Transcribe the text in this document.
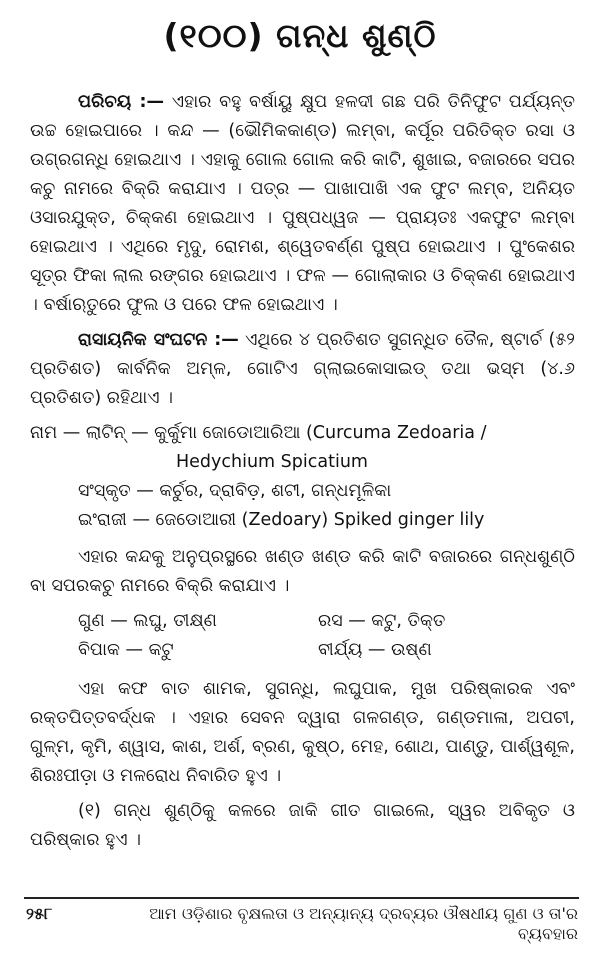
(୧୦୦) ଗନ୍ଧ ଶୁଣ୍ଠି

ପରିଚୟ :— ଏହାର ବହୁ ବର୍ଷାୟୁ କ୍ଷୁପ ହଳଦୀ ଗଛ ପରି ତିନିଫୁଟ ପର୍ଯ୍ୟନ୍ତ ଉଚ୍ଚ ହୋଇପାରେ । କନ୍ଦ — (ଭୌମିକକାଣ୍ଡ) ଲମ୍ବା, କର୍ପୂର ପରିତିକ୍ତ ରସା ଓ ଉଗ୍ରଗନ୍ଧି ହୋଇଥାଏ । ଏହାକୁ ଗୋଲ ଗୋଲ କରି କାଟି, ଶୁଖାଇ, ବଜାରରେ ସପର କଚୁ ନାମରେ ବିକ୍ରି କରାଯାଏ । ପତ୍ର — ପାଖାପାଖି ଏକ ଫୁଟ ଲମ୍ବ, ଅନିୟତ ଓସାରଯୁକ୍ତ, ଚିକ୍କଣ ହୋଇଥାଏ । ପୁଷ୍ପଧ୍ୱଜ — ପ୍ରାୟତଃ ଏକଫୁଟ ଲମ୍ବା ହୋଇଥାଏ । ଏଥିରେ ମୃଦୁ, ରୋମଶ, ଶ୍ୱେତବର୍ଣ୍ଣ ପୁଷ୍ପ ହୋଇଥାଏ । ପୁଂକେଶର ସୂତ୍ର ଫିକା ଲାଲ ରଙ୍ଗର ହୋଇଥାଏ । ଫଳ — ଗୋଲାକାର ଓ ଚିକ୍କଣ ହୋଇଥାଏ । ବର୍ଷାଋତୁରେ ଫୁଲ ଓ ପରେ ଫଳ ହୋଇଥାଏ ।

ରାସାୟନିକ ସଂଘଟନ :— ଏଥିରେ ୪ ପ୍ରତିଶତ ସୁଗନ୍ଧିତ ତୈଳ, ଷ୍ଟାର୍ଚ (୫୨ ପ୍ରତିଶତ) କାର୍ବନିକ ଅମ୍ଳ, ଗୋଟିଏ ଗ୍ଲାଇକୋସାଇଡ୍ ତଥା ଭସ୍ମ (୪.୬ ପ୍ରତିଶତ) ରହିଥାଏ ।

ନାମ —
ଲାଟିନ୍ — କୁର୍କୁମା ଜୋଡୋଆରିଆ (Curcuma Zedoaria /
Hedychium Spicatium
ସଂସ୍କୃତ — କର୍ଚୁର, ଦ୍ରାବିଡ଼, ଶଟୀ, ଗନ୍ଧମୂଳିକା
ଇଂରାଜୀ — ଜେଡୋଆରୀ (Zedoary) Spiked ginger lily

ଏହାର କନ୍ଦକୁ ଅନୁପ୍ରସ୍ଥରେ ଖଣ୍ଡ ଖଣ୍ଡ କରି କାଟି ବଜାରରେ ଗନ୍ଧଶୁଣ୍ଠି ବା ସପରକଚୁ ନାମରେ ବିକ୍ରି କରାଯାଏ ।

ଗୁଣ — ଲଘୁ, ତୀକ୍ଷ୍ଣ	ରସ — କଟୁ, ତିକ୍ତ
ବିପାକ — କଟୁ	ବୀର୍ଯ୍ୟ — ଉଷ୍ଣ

ଏହା କଫ ବାତ ଶାମକ, ସୁଗନ୍ଧି, ଲଘୁପାକ, ମୁଖ ପରିଷ୍କାରକ ଏବଂ ରକ୍ତପିତ୍ତବର୍ଦ୍ଧକ । ଏହାର ସେବନ ଦ୍ୱାରା ଗଳଗଣ୍ଡ, ଗଣ୍ଡମାଳା, ଅପଚୀ, ଗୁଳ୍ମ, କୃମି, ଶ୍ୱାସ, କାଶ, ଅର୍ଶ, ବ୍ରଣ, କୁଷ୍ଠ, ମେହ, ଶୋଥ, ପାଣ୍ଡୁ, ପାର୍ଶ୍ୱଶୂଳ, ଶିରଃପୀଡ଼ା ଓ ମଳରୋଧ ନିବାରିତ ହୁଏ ।

(୧) ଗନ୍ଧ ଶୁଣ୍ଠିକୁ କଳରେ ଜାକି ଗୀତ ଗାଇଲେ, ସ୍ୱର ଅବିକୃତ ଓ ପରିଷ୍କାର ହୁଏ ।

୨୫୮	ଆମ ଓଡ଼ିଶାର ବୃକ୍ଷଲତା ଓ ଅନ୍ୟାନ୍ୟ ଦ୍ରବ୍ୟର ଔଷଧୀୟ ଗୁଣ ଓ ତା'ର ବ୍ୟବହାର
